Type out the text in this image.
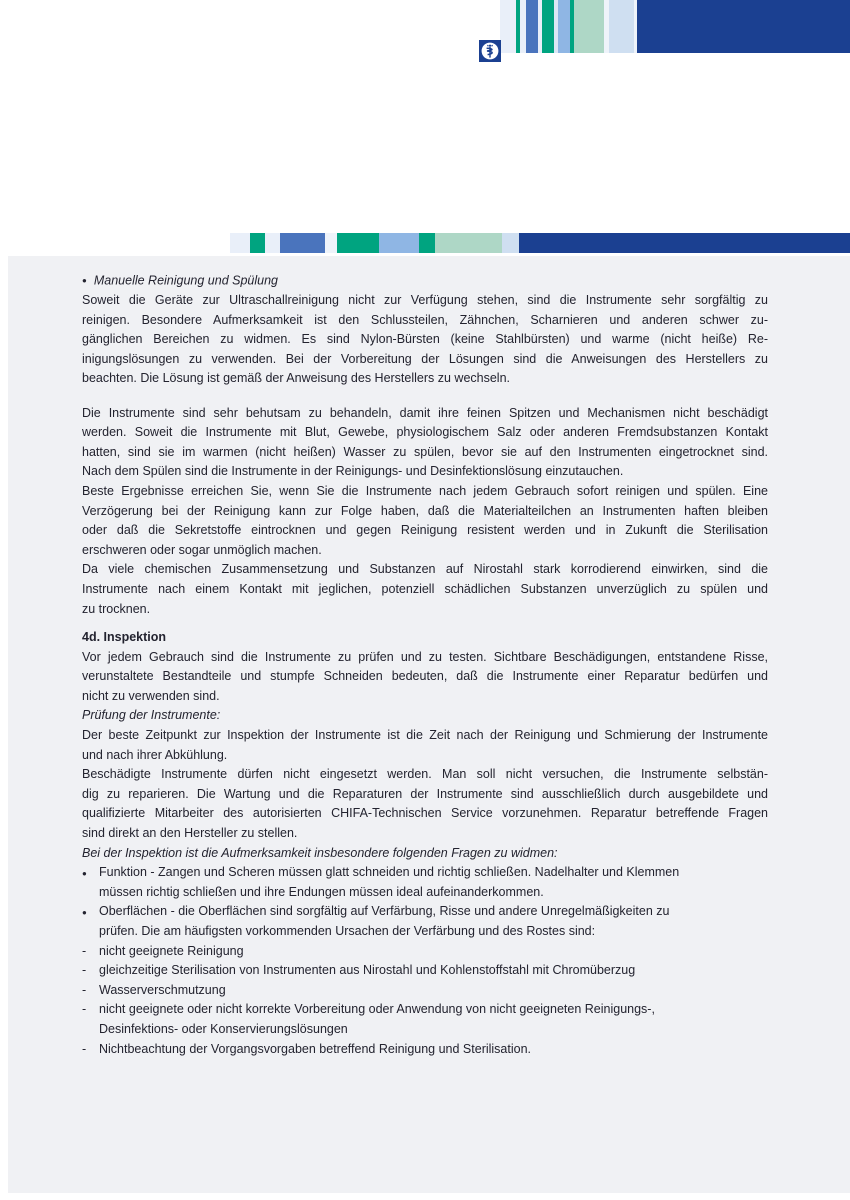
● Manuelle Reinigung und Spülung
Soweit die Geräte zur Ultraschallreinigung nicht zur Verfügung stehen, sind die Instrumente sehr sorgfältig zu
reinigen. Besondere Aufmerksamkeit ist den Schlussteilen, Zähnchen, Scharnieren und anderen schwer zu-
gänglichen Bereichen zu widmen. Es sind Nylon-Bürsten (keine Stahlbürsten) und warme (nicht heiße) Re-
inigungslösungen zu verwenden. Bei der Vorbereitung der Lösungen sind die Anweisungen des Herstellers zu
beachten. Die Lösung ist gemäß der Anweisung des Herstellers zu wechseln.
Die Instrumente sind sehr behutsam zu behandeln, damit ihre feinen Spitzen und Mechanismen nicht beschädigt
werden. Soweit die Instrumente mit Blut, Gewebe, physiologischem Salz oder anderen Fremdsubstanzen Kontakt
hatten, sind sie im warmen (nicht heißen) Wasser zu spülen, bevor sie auf den Instrumenten eingetrocknet sind.
Nach dem Spülen sind die Instrumente in der Reinigungs- und Desinfektionslösung einzutauchen.
Beste Ergebnisse erreichen Sie, wenn Sie die Instrumente nach jedem Gebrauch sofort reinigen und spülen. Eine
Verzögerung bei der Reinigung kann zur Folge haben, daß die Materialteilchen an Instrumenten haften bleiben
oder daß die Sekretstoffe eintrocknen und gegen Reinigung resistent werden und in Zukunft die Sterilisation
erschweren oder sogar unmöglich machen.
Da viele chemischen Zusammensetzung und Substanzen auf Nirostahl stark korrodierend einwirken, sind die
Instrumente nach einem Kontakt mit jeglichen, potenziell schädlichen Substanzen unverzüglich zu spülen und
zu trocknen.
4d. Inspektion
Vor jedem Gebrauch sind die Instrumente zu prüfen und zu testen. Sichtbare Beschädigungen, entstandene Risse,
verunstaltete Bestandteile und stumpfe Schneiden bedeuten, daß die Instrumente einer Reparatur bedürfen und
nicht zu verwenden sind.
Prüfung der Instrumente:
Der beste Zeitpunkt zur Inspektion der Instrumente ist die Zeit nach der Reinigung und Schmierung der Instrumente
und nach ihrer Abkühlung.
Beschädigte Instrumente dürfen nicht eingesetzt werden. Man soll nicht versuchen, die Instrumente selbstän-
dig zu reparieren. Die Wartung und die Reparaturen der Instrumente sind ausschließlich durch ausgebildete und
qualifizierte Mitarbeiter des autorisierten CHIFA-Technischen Service vorzunehmen. Reparatur betreffende Fragen
sind direkt an den Hersteller zu stellen.
Bei der Inspektion ist die Aufmerksamkeit insbesondere folgenden Fragen zu widmen:
● Funktion - Zangen und Scheren müssen glatt schneiden und richtig schließen. Nadelhalter und Klemmen
müssen richtig schließen und ihre Endungen müssen ideal aufeinanderkommen.
● Oberflächen - die Oberflächen sind sorgfältig auf Verfärbung, Risse und andere Unregelmäßigkeiten zu
prüfen. Die am häufigsten vorkommenden Ursachen der Verfärbung und des Rostes sind:
-	nicht geeignete Reinigung
-	gleichzeitige Sterilisation von Instrumenten aus Nirostahl und Kohlenstoffstahl mit Chromüberzug
-	Wasserverschmutzung
-	nicht geeignete oder nicht korrekte Vorbereitung oder Anwendung von nicht geeigneten Reinigungs-,
Desinfektions- oder Konservierungslösungen
-	Nichtbeachtung der Vorgangsvorgaben betreffend Reinigung und Sterilisation.
